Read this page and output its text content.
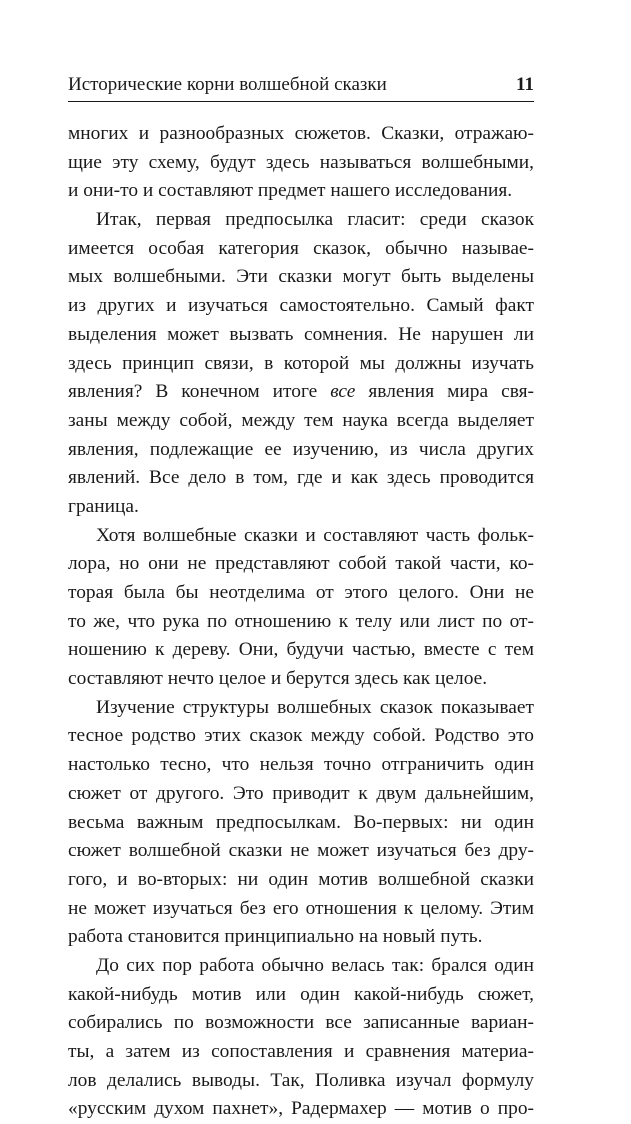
Исторические корни волшебной сказки	11
многих и разнообразных сюжетов. Сказки, отражаю-
щие эту схему, будут здесь называться волшебными,
и они-то и составляют предмет нашего исследования.
Итак, первая предпосылка гласит: среди сказок
имеется особая категория сказок, обычно называе-
мых волшебными. Эти сказки могут быть выделены
из других и изучаться самостоятельно. Самый факт
выделения может вызвать сомнения. Не нарушен ли
здесь принцип связи, в которой мы должны изучать
явления? В конечном итоге все явления мира свя-
заны между собой, между тем наука всегда выделяет
явления, подлежащие ее изучению, из числа других
явлений. Все дело в том, где и как здесь проводится
граница.
Хотя волшебные сказки и составляют часть фольк-
лора, но они не представляют собой такой части, ко-
торая была бы неотделима от этого целого. Они не
то же, что рука по отношению к телу или лист по от-
ношению к дереву. Они, будучи частью, вместе с тем
составляют нечто целое и берутся здесь как целое.
Изучение структуры волшебных сказок показывает
тесное родство этих сказок между собой. Родство это
настолько тесно, что нельзя точно отграничить один
сюжет от другого. Это приводит к двум дальнейшим,
весьма важным предпосылкам. Во-первых: ни один
сюжет волшебной сказки не может изучаться без дру-
гого, и во-вторых: ни один мотив волшебной сказки
не может изучаться без его отношения к целому. Этим
работа становится принципиально на новый путь.
До сих пор работа обычно велась так: брался один
какой-нибудь мотив или один какой-нибудь сюжет,
собирались по возможности все записанные вариан-
ты, а затем из сопоставления и сравнения материа-
лов делались выводы. Так, Поливка изучал формулу
«русским духом пахнет», Радермахер — мотив о про-
